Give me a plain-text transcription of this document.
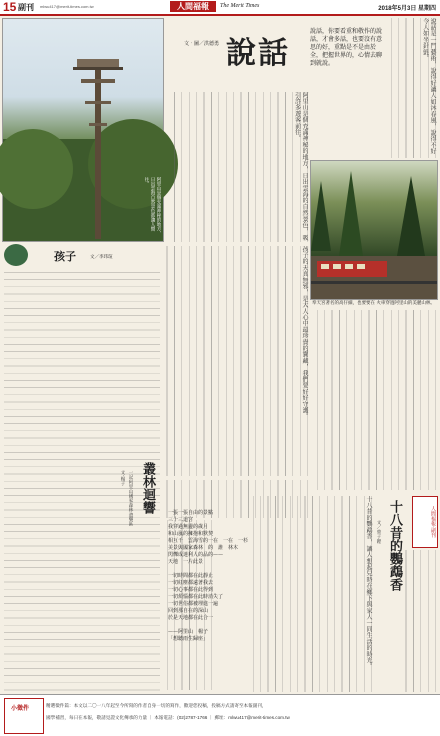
15 副刊 mlwu417@merit-times.com.tw	人間福報	The Merit Times	2018年5月3日 星期四
阿里山是個充滿神秘的地方，日出雲海自然景色都讓人嚮往。
說話
文‧圖／洪德勇
說話，你要看重和敬作的說話，才會多話，也要沒有意思的好，重點是不是由於全，把握世界的，心情去聊到就說。
阿里山是個充滿神秘的地方，日出雲海的自然景色，吸引許多遊客前往。	說話是一門藝術，說得好讓人如沐春風，說得不好令人如坐針氈。
奉天宮著名的高仔細，也要要在 火車穿過阿里山的美麗山林。
孩子的天真無邪，是大人心中最珍貴的寶藏，我們要好好守護。
孩子	文／李玮瑄
叢林迴響
一記阿里山國家森林遊樂區
文‧楊子
一張一張自由的景點
三十三道宮
我穿過無邊的歲月
和山嵐的擁抱和默契
相互千　雲海雪的一在　一在　一杉
美景與國家森林　的　誰　林木
閃爍成迷利人的品的——
天地　一片此景
一切時間都在此靜止
一切紅塵都遠著我去
一切心事都在此得到
一切煩惱都在此時消失了
一切世俗都被埋進一遍
回到那自在的深山
於是天地都在此合一
——阿里山　楊子
「想聽雨生歸座」
人間福報‧副刊
十八昔的鸚鵡香
文／曾子鏗
十八昔的鸚鵡香，讓人想起兒時在鄉下與家人一同生活的時光。
小徵件
精選徵件篇：本文以二〇一八年起至今所寫的作者自身一切的寫作，歡迎您投稿，投稿方式請寄至本報副刊，
國學補習，每日在本報，敬請見證文化傳承的力量 ｜ 本報電話：(02)2787-1766 ｜ 郵址：mlwu417@merit-times.com.tw
